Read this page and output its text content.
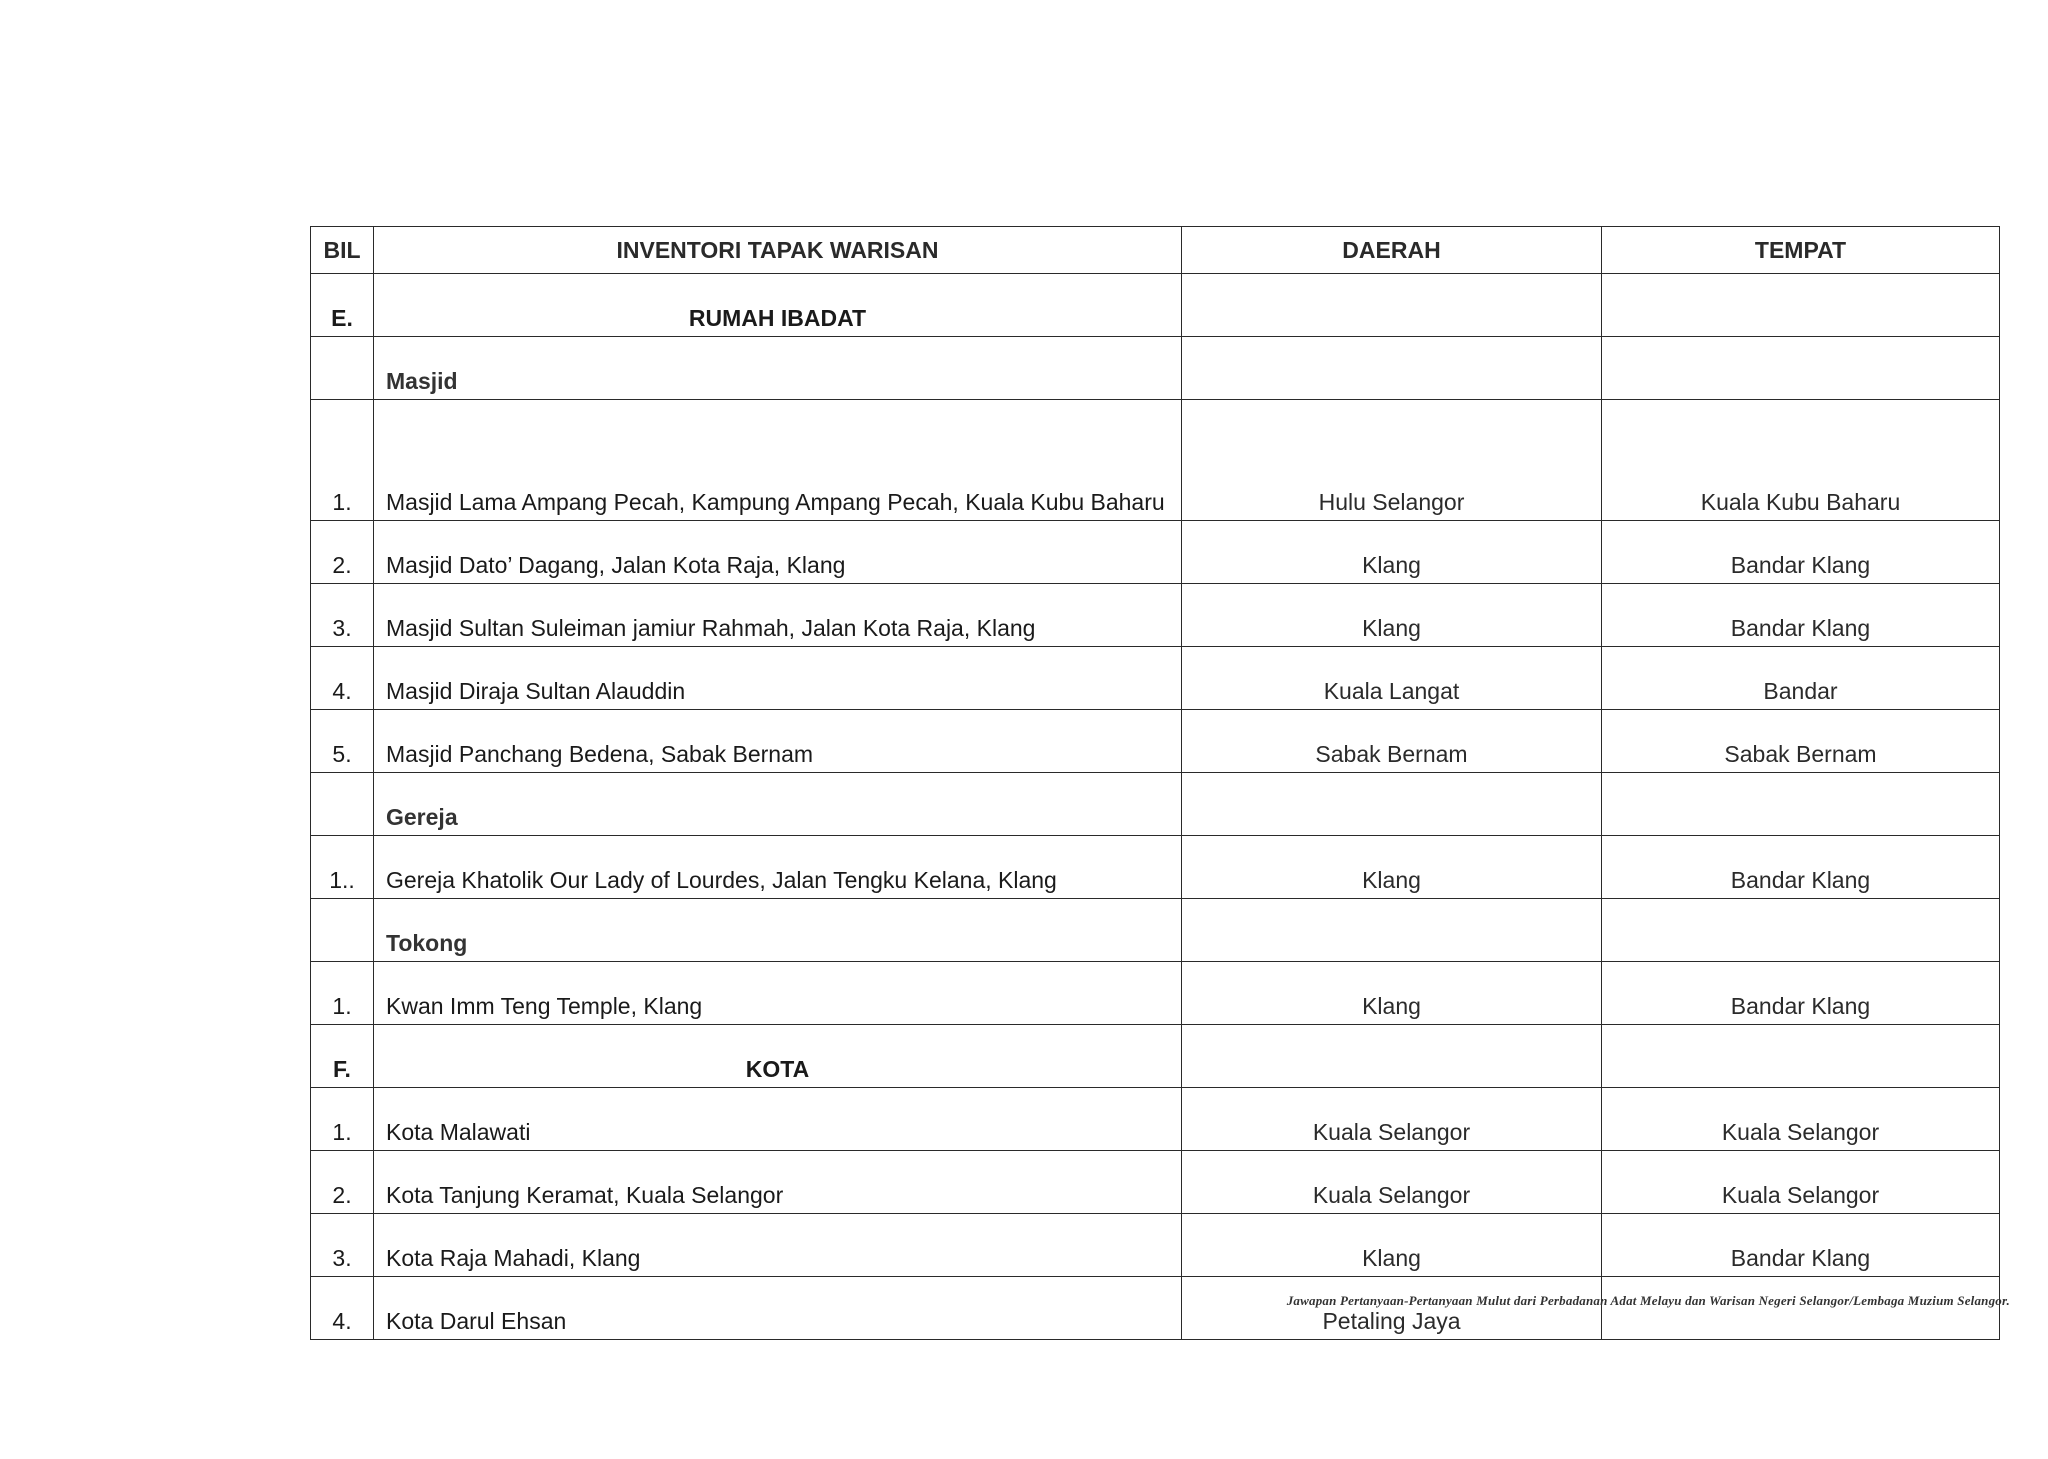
BIL	INVENTORI TAPAK WARISAN	DAERAH	TEMPAT
E.	RUMAH IBADAT		
	Masjid		
1.	Masjid Lama Ampang Pecah, Kampung Ampang Pecah, Kuala Kubu Baharu	Hulu Selangor	Kuala Kubu Baharu
2.	Masjid Dato’ Dagang, Jalan Kota Raja, Klang	Klang	Bandar Klang
3.	Masjid Sultan Suleiman jamiur Rahmah, Jalan Kota Raja, Klang	Klang	Bandar Klang
4.	Masjid Diraja Sultan Alauddin	Kuala Langat	Bandar
5.	Masjid Panchang Bedena, Sabak Bernam	Sabak Bernam	Sabak Bernam
	Gereja		
1..	Gereja Khatolik Our Lady of Lourdes, Jalan Tengku Kelana, Klang	Klang	Bandar Klang
	Tokong		
1.	Kwan Imm Teng Temple, Klang	Klang	Bandar Klang
F.	KOTA		
1.	Kota Malawati	Kuala Selangor	Kuala Selangor
2.	Kota Tanjung Keramat, Kuala Selangor	Kuala Selangor	Kuala Selangor
3.	Kota Raja Mahadi, Klang	Klang	Bandar Klang
4.	Kota Darul Ehsan	Petaling Jaya	
Jawapan Pertanyaan-Pertanyaan Mulut dari Perbadanan Adat Melayu dan Warisan Negeri Selangor/Lembaga Muzium Selangor.
